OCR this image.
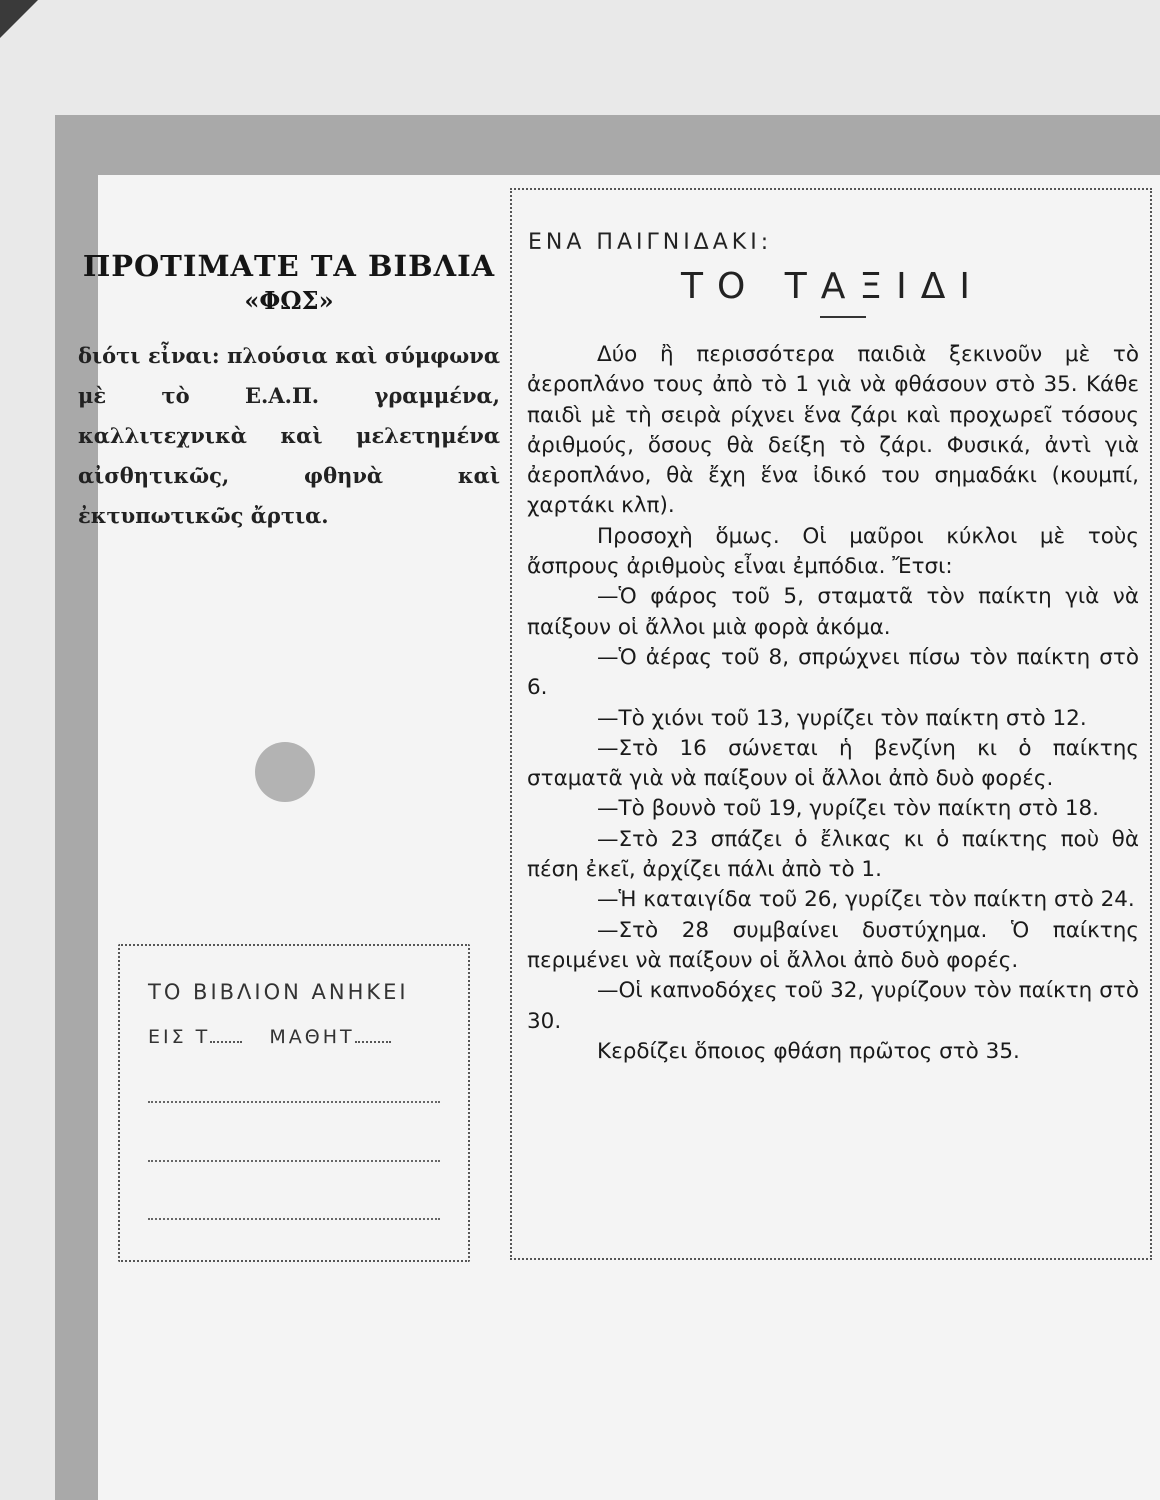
ΠΡΟΤΙΜΑΤΕ ΤΑ ΒΙΒΛΙΑ
«ΦΩΣ»

διότι εἶναι: πλούσια καὶ σύμφωνα μὲ τὸ Ε.Α.Π. γραμμένα, καλλιτεχνικὰ καὶ μελετημένα αἰσθητικῶς, φθηνὰ καὶ ἐκτυπωτικῶς ἄρτια.

ΤΟ ΒΙΒΛΙΟΝ ΑΝΗΚΕΙ
ΕΙΣ Τ	ΜΑΘΗΤ

ΕΝΑ ΠΑΙΓΝΙΔΑΚΙ:

ΤΟ ΤΑΞΙΔΙ

Δύο ἢ περισσότερα παιδιὰ ξεκινοῦν μὲ τὸ ἀεροπλάνο τους ἀπὸ τὸ 1 γιὰ νὰ φθάσουν στὸ 35. Κάθε παιδὶ μὲ τὴ σειρὰ ρίχνει ἕνα ζάρι καὶ προχωρεῖ τόσους ἀριθμούς, ὅσους θὰ δείξη τὸ ζάρι. Φυσικά, ἀντὶ γιὰ ἀεροπλάνο, θὰ ἔχη ἕνα ἰδικό του σημαδάκι (κουμπί, χαρτάκι κλπ).

Προσοχὴ ὅμως. Οἱ μαῦροι κύκλοι μὲ τοὺς ἄσπρους ἀριθμοὺς εἶναι ἐμπόδια. Ἔτσι:

—Ὁ φάρος τοῦ 5, σταματᾶ τὸν παίκτη γιὰ νὰ παίξουν οἱ ἄλλοι μιὰ φορὰ ἀκόμα.

—Ὁ ἀέρας τοῦ 8, σπρώχνει πίσω τὸν παίκτη στὸ 6.

—Τὸ χιόνι τοῦ 13, γυρίζει τὸν παίκτη στὸ 12.

—Στὸ 16 σώνεται ἡ βενζίνη κι ὁ παίκτης σταματᾶ γιὰ νὰ παίξουν οἱ ἄλλοι ἀπὸ δυὸ φορές.

—Τὸ βουνὸ τοῦ 19, γυρίζει τὸν παίκτη στὸ 18.

—Στὸ 23 σπάζει ὁ ἔλικας κι ὁ παίκτης ποὺ θὰ πέση ἐκεῖ, ἀρχίζει πάλι ἀπὸ τὸ 1.

—Ἡ καταιγίδα τοῦ 26, γυρίζει τὸν παίκτη στὸ 24.

—Στὸ 28 συμβαίνει δυστύχημα. Ὁ παίκτης περιμένει νὰ παίξουν οἱ ἄλλοι ἀπὸ δυὸ φορές.

—Οἱ καπνοδόχες τοῦ 32, γυρίζουν τὸν παίκτη στὸ 30.

Κερδίζει ὅποιος φθάση πρῶτος στὸ 35.
